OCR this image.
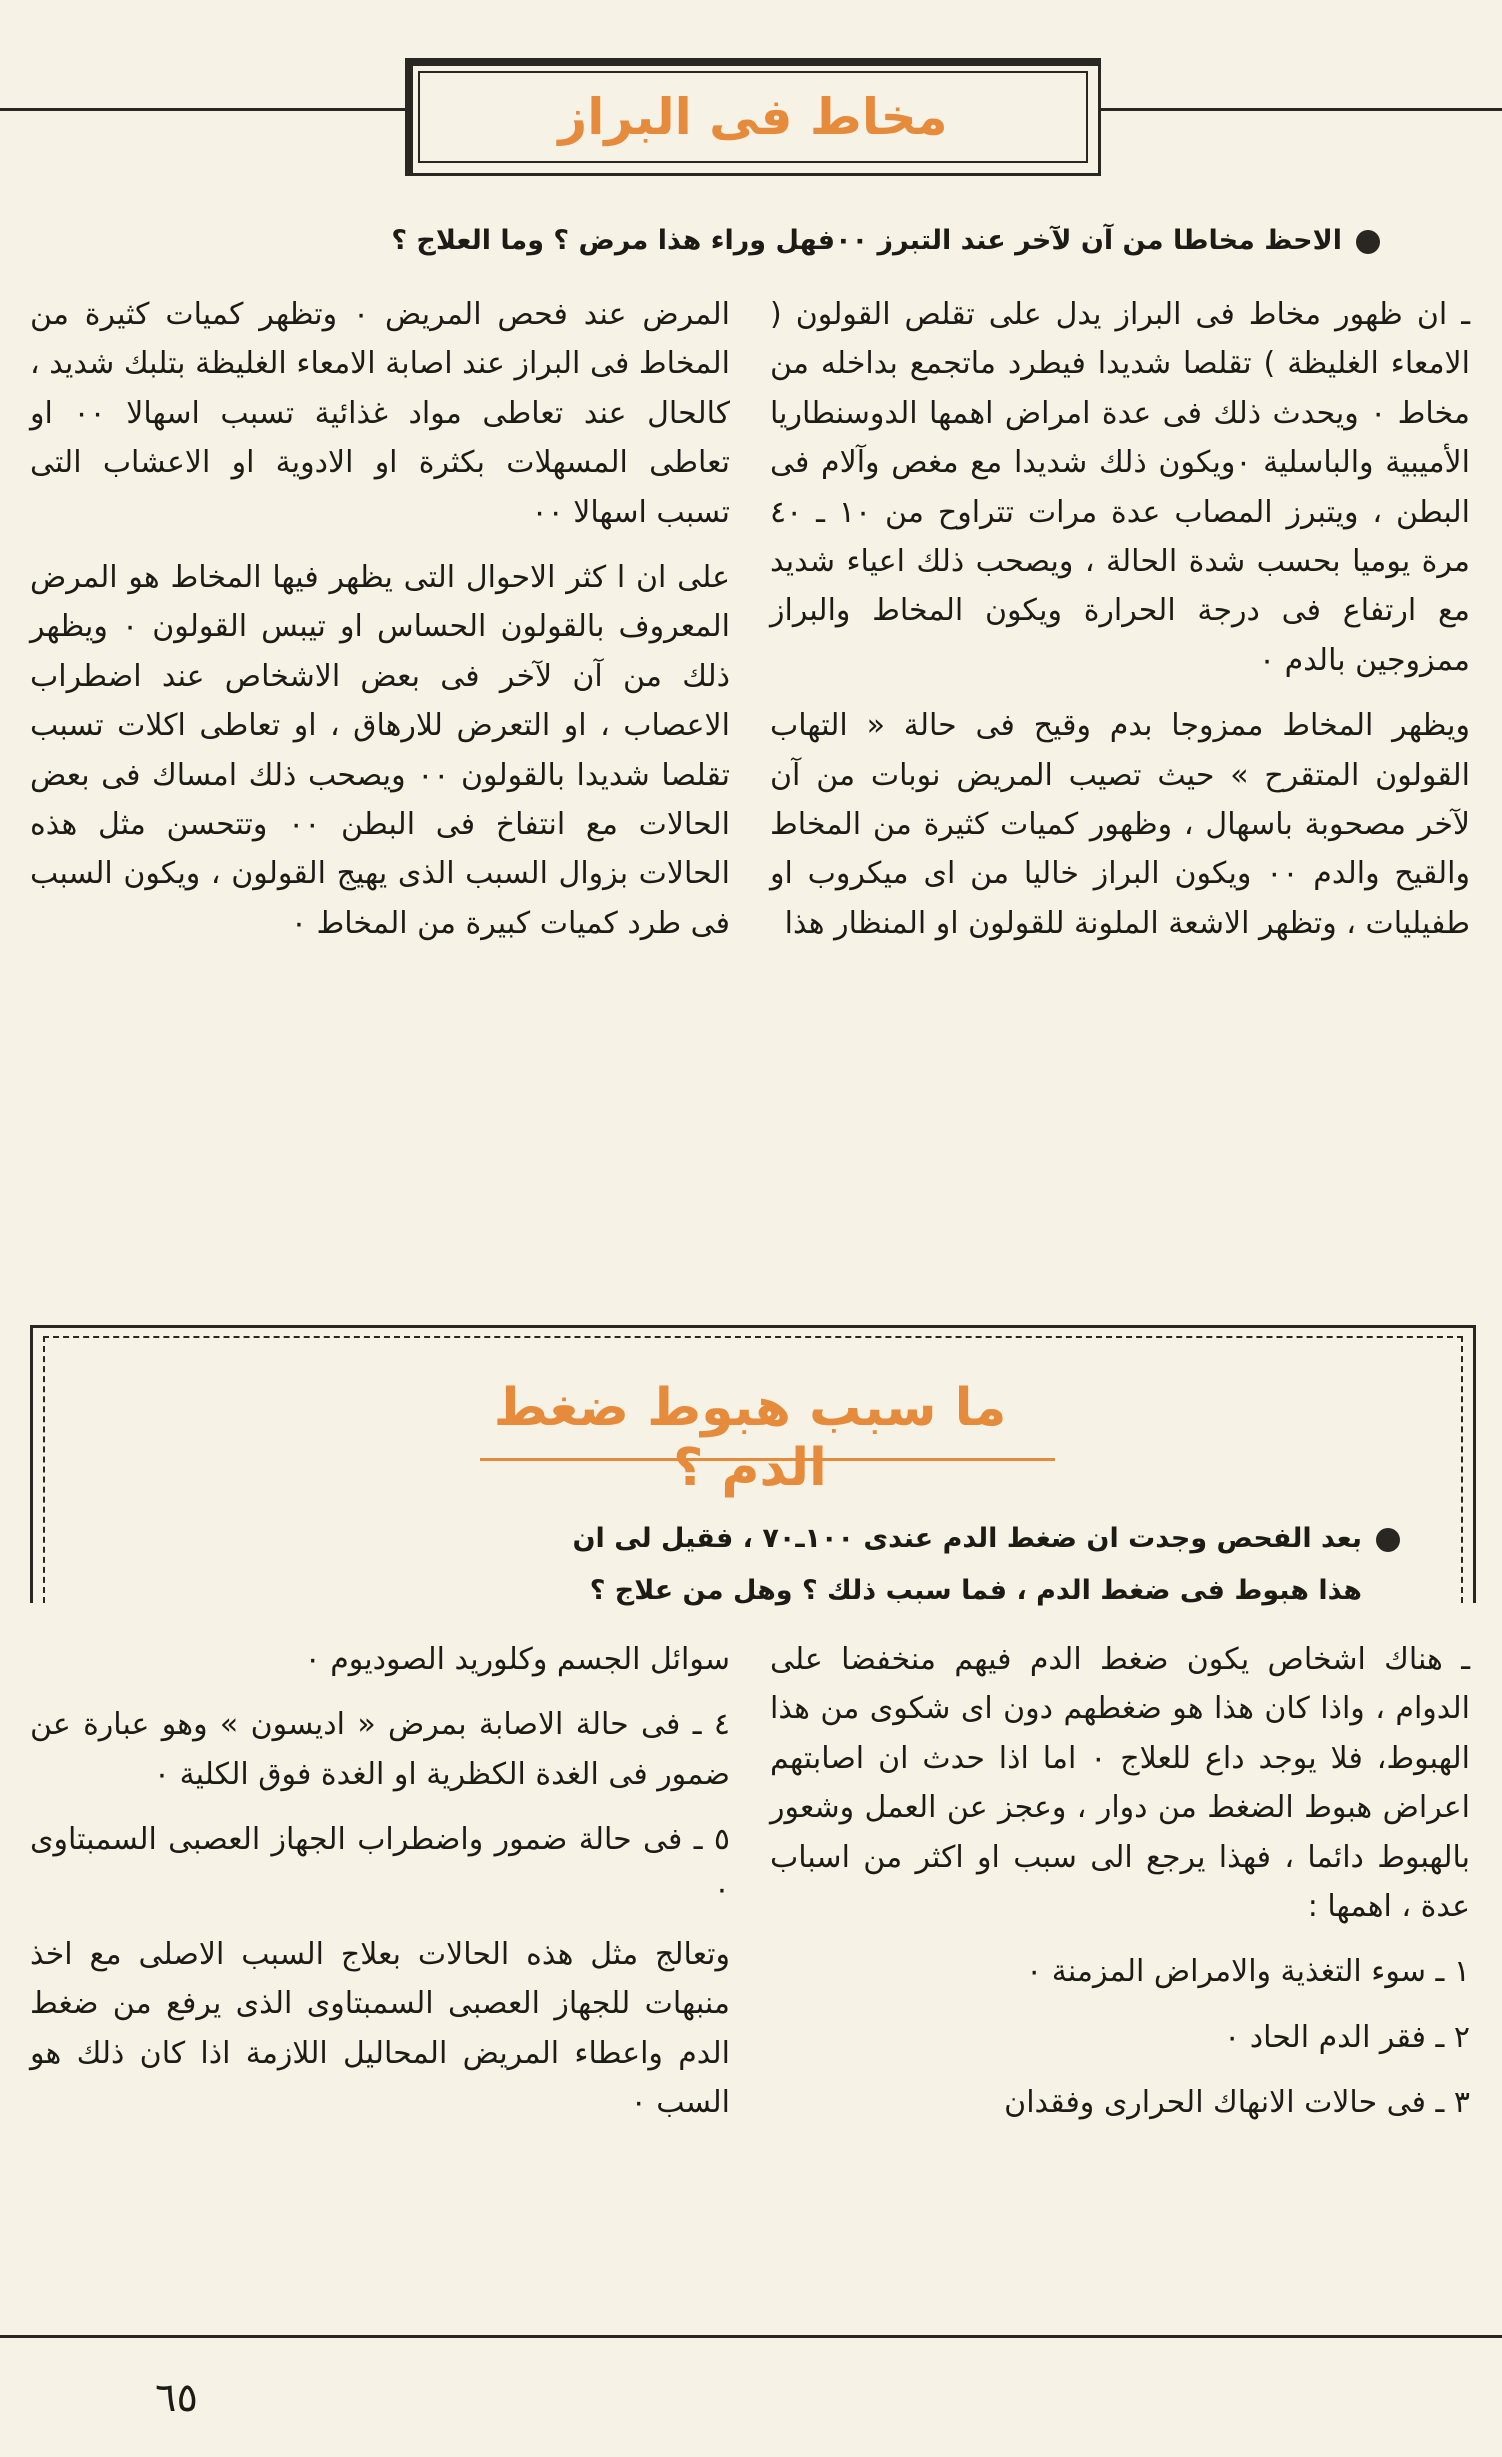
مخاط فى البراز
الاحظ مخاطا من آن لآخر عند التبرز ٠٠فهل وراء هذا مرض ؟ وما العلاج ؟

ـ ان ظهور مخاط فى البراز يدل على تقلص القولون ( الامعاء الغليظة ) تقلصا شديدا فيطرد ماتجمع بداخله من مخاط ٠ ويحدث ذلك فى عدة امراض اهمها الدوسنطاريا الأميبية والباسلية ٠ويكون ذلك شديدا مع مغص وآلام فى البطن ، ويتبرز المصاب عدة مرات تتراوح من ١٠ ـ ٤٠ مرة يوميا بحسب شدة الحالة ، ويصحب ذلك اعياء شديد مع ارتفاع فى درجة الحرارة ويكون المخاط والبراز ممزوجين بالدم ٠

ويظهر المخاط ممزوجا بدم وقيح فى حالة « التهاب القولون المتقرح » حيث تصيب المريض نوبات من آن لآخر مصحوبة باسهال ، وظهور كميات كثيرة من المخاط والقيح والدم ٠٠ ويكون البراز خاليا من اى ميكروب او طفيليات ، وتظهر الاشعة الملونة للقولون او المنظار هذا

المرض عند فحص المريض ٠ وتظهر كميات كثيرة من المخاط فى البراز عند اصابة الامعاء الغليظة بتلبك شديد ، كالحال عند تعاطى مواد غذائية تسبب اسهالا ٠٠ او تعاطى المسهلات بكثرة او الادوية او الاعشاب التى تسبب اسهالا ٠٠

على ان ا كثر الاحوال التى يظهر فيها المخاط هو المرض المعروف بالقولون الحساس او تيبس القولون ٠ ويظهر ذلك من آن لآخر فى بعض الاشخاص عند اضطراب الاعصاب ، او التعرض للارهاق ، او تعاطى اكلات تسبب تقلصا شديدا بالقولون ٠٠ ويصحب ذلك امساك فى بعض الحالات مع انتفاخ فى البطن ٠٠ وتتحسن مثل هذه الحالات بزوال السبب الذى يهيج القولون ، ويكون السبب فى طرد كميات كبيرة من المخاط ٠

ما سبب هبوط ضغط الدم ؟
بعد الفحص وجدت ان ضغط الدم عندى ١٠٠ـ٧٠ ، فقيل لى ان
هذا هبوط فى ضغط الدم ، فما سبب ذلك ؟ وهل من علاج ؟

ـ هناك اشخاص يكون ضغط الدم فيهم منخفضا على الدوام ، واذا كان هذا هو ضغطهم دون اى شكوى من هذا الهبوط، فلا يوجد داع للعلاج ٠ اما اذا حدث ان اصابتهم اعراض هبوط الضغط من دوار ، وعجز عن العمل وشعور بالهبوط دائما ، فهذا يرجع الى سبب او اكثر من اسباب عدة ، اهمها :

١ ـ سوء التغذية والامراض المزمنة ٠

٢ ـ فقر الدم الحاد ٠

٣ ـ فى حالات الانهاك الحرارى وفقدان

سوائل الجسم وكلوريد الصوديوم ٠

٤ ـ فى حالة الاصابة بمرض « اديسون » وهو عبارة عن ضمور فى الغدة الكظرية او الغدة فوق الكلية ٠

٥ ـ فى حالة ضمور واضطراب الجهاز العصبى السمبتاوى ٠

وتعالج مثل هذه الحالات بعلاج السبب الاصلى مع اخذ منبهات للجهاز العصبى السمبتاوى الذى يرفع من ضغط الدم واعطاء المريض المحاليل اللازمة اذا كان ذلك هو السب ٠

٦٥
